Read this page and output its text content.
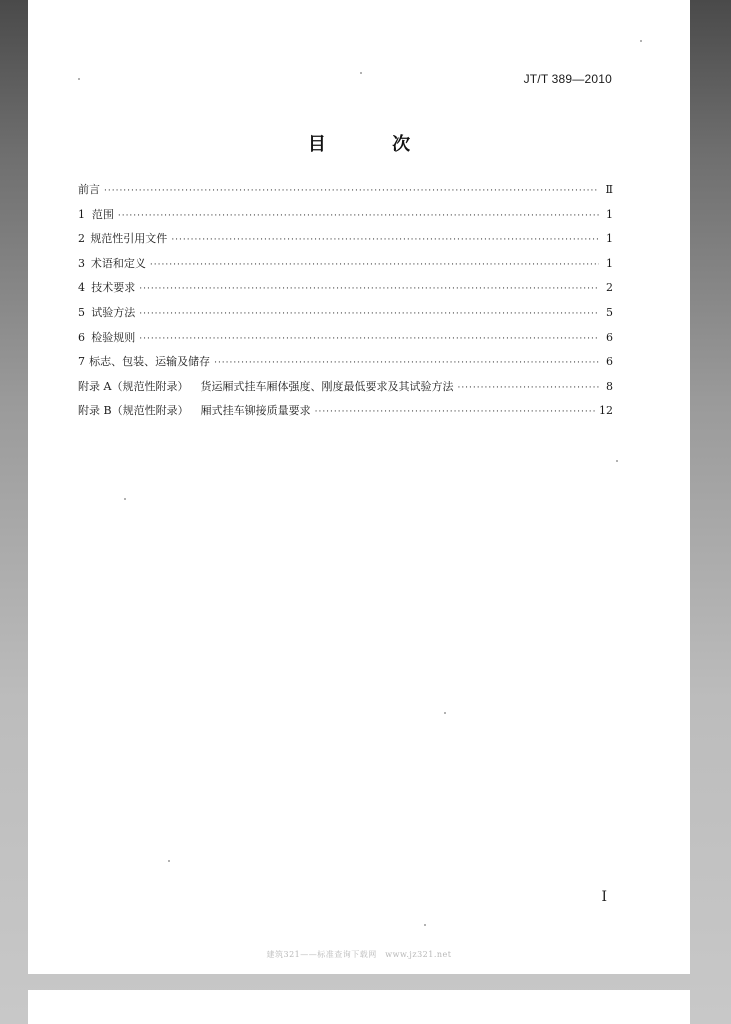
JT/T 389—2010
目 次
前言 ·····	Ⅱ
1 范围 ·····	1
2 规范性引用文件 ·····	1
3 术语和定义 ·····	1
4 技术要求 ·····	2
5 试验方法 ·····	5
6 检验规则 ·····	6
7 标志、包装、运输及储存 ·····	6
附录 A（规范性附录） 货运厢式挂车厢体强度、刚度最低要求及其试验方法 ·····	8
附录 B（规范性附录） 厢式挂车铆接质量要求 ·····	12
I
建筑321——标准查询下载网　www.jz321.net
